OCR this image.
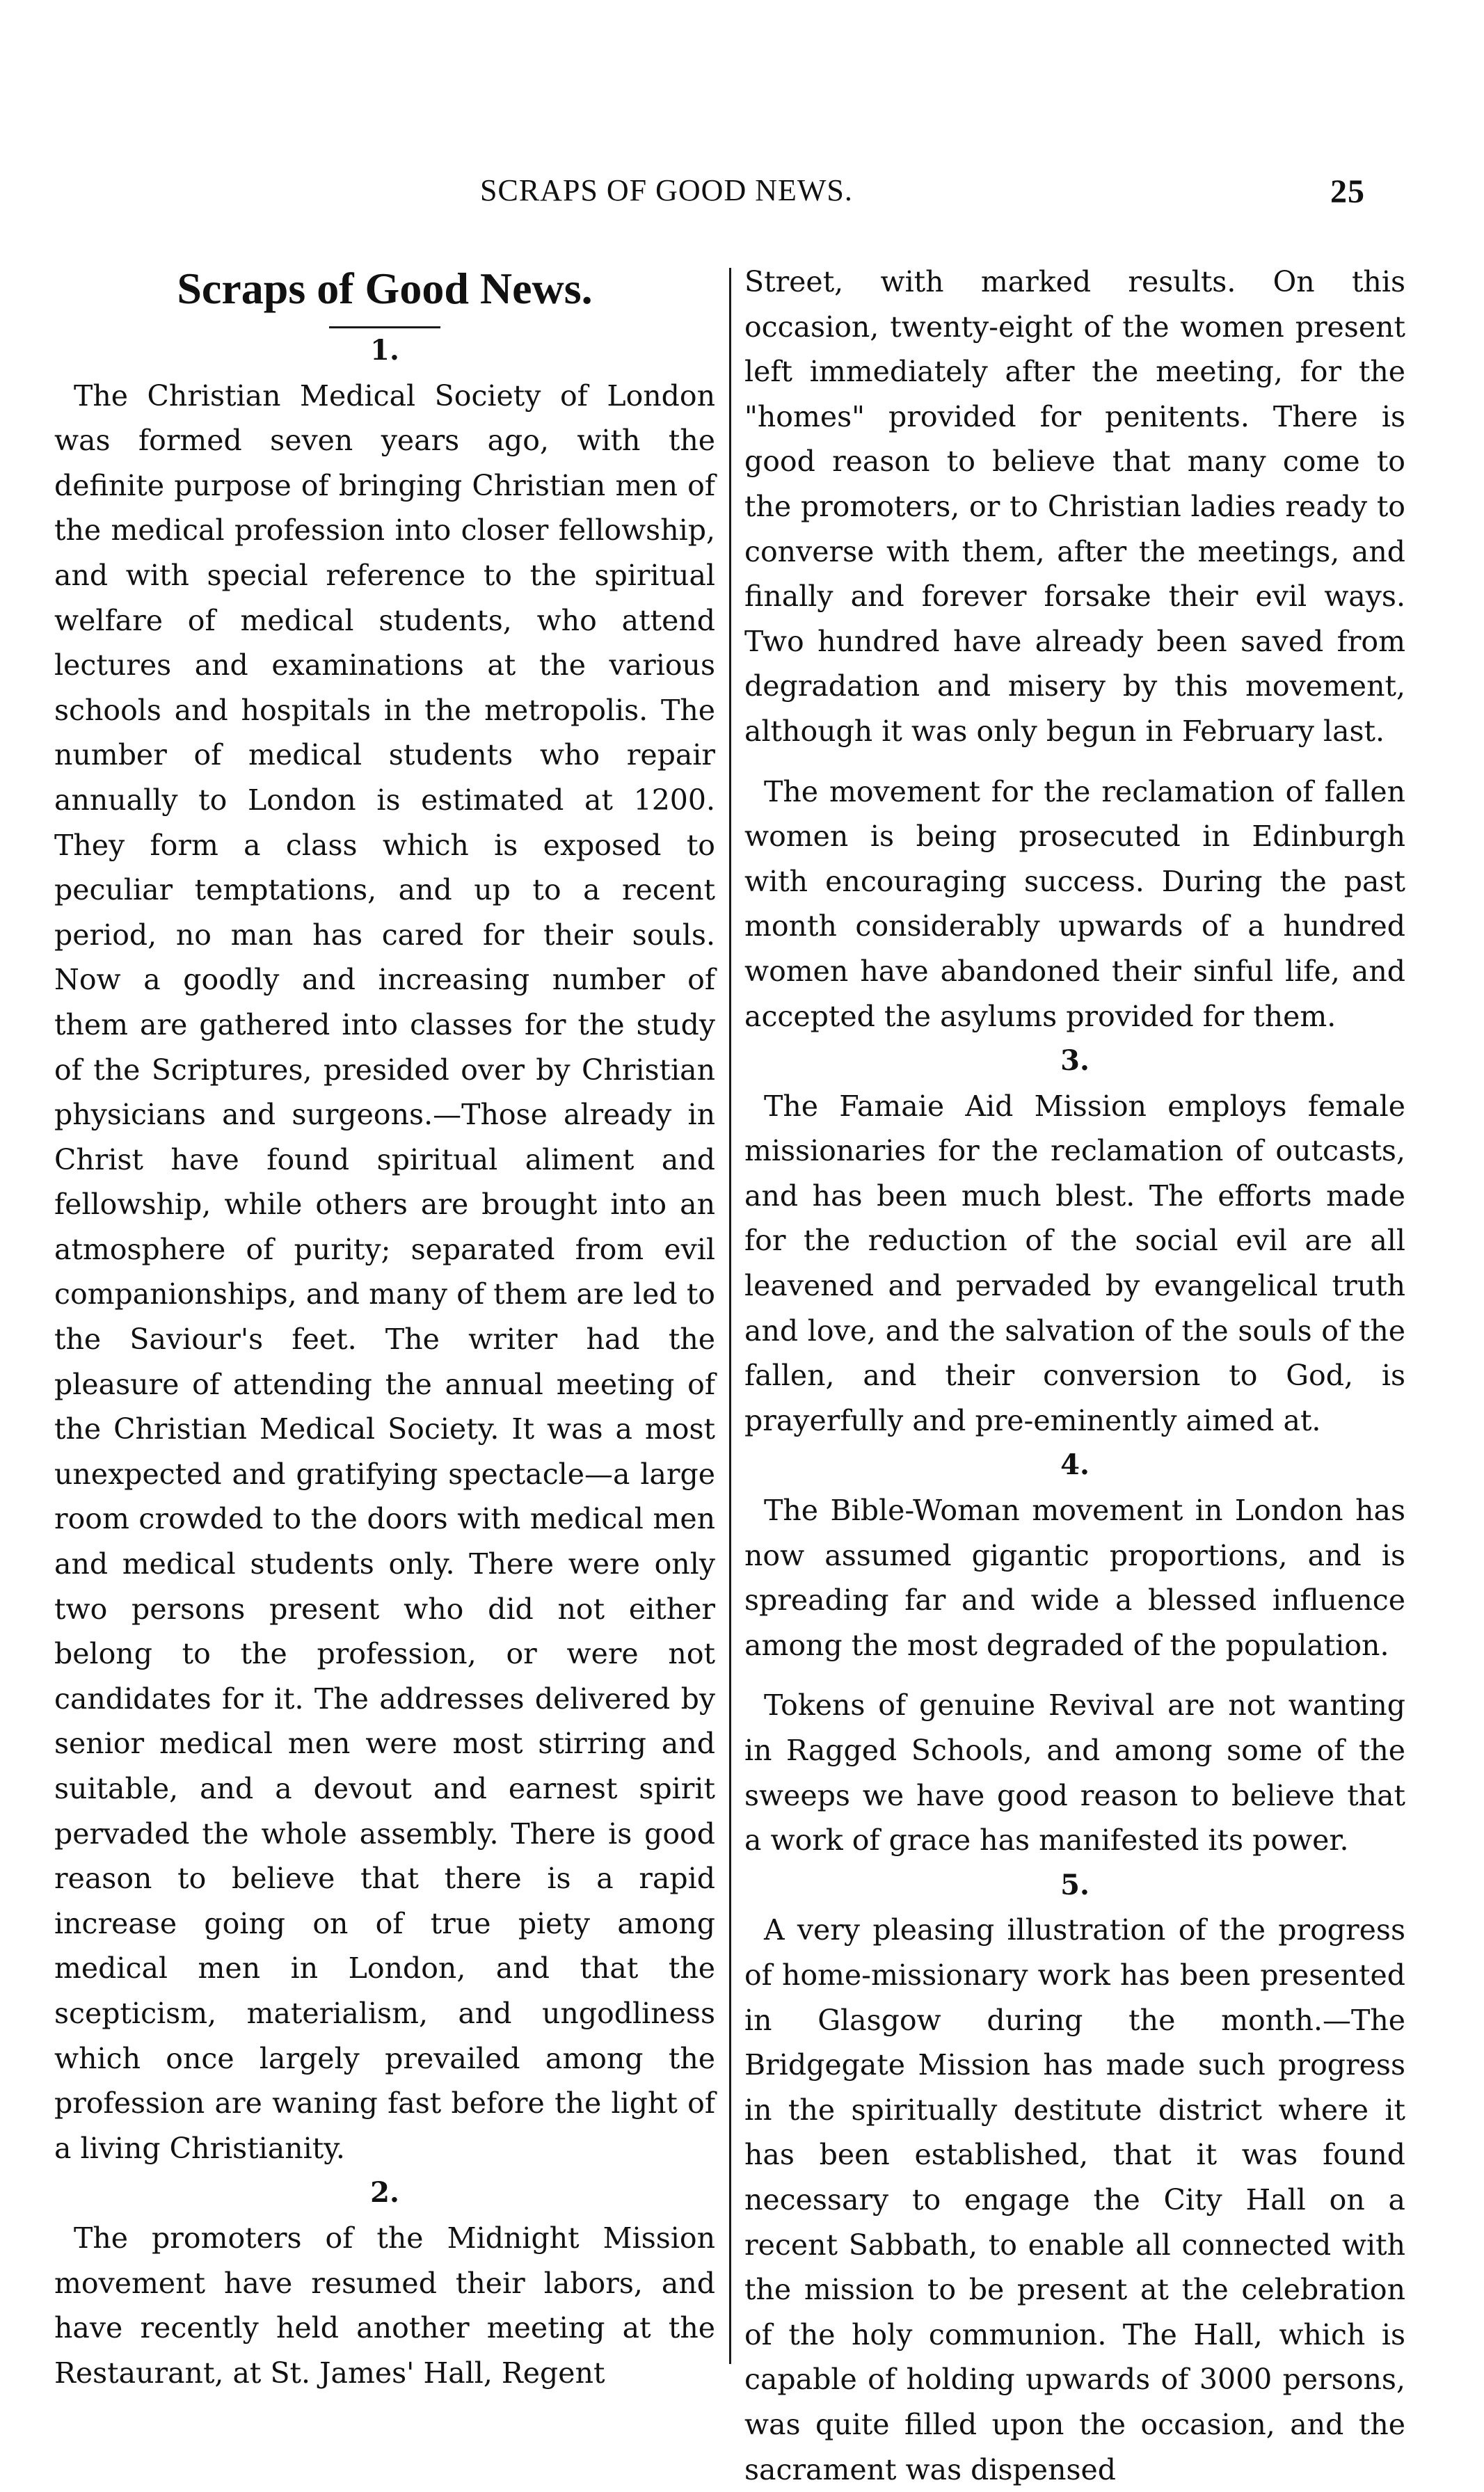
SCRAPS OF GOOD NEWS.	25
Scraps of Good News.
1.

The Christian Medical Society of London was formed seven years ago, with the definite purpose of bringing Christian men of the medical profession into closer fellowship, and with special reference to the spiritual welfare of medical students, who attend lectures and examinations at the various schools and hospitals in the metropolis. The number of medical students who repair annually to London is estimated at 1200. They form a class which is exposed to peculiar temptations, and up to a recent period, no man has cared for their souls. Now a goodly and increasing number of them are gathered into classes for the study of the Scriptures, presided over by Christian physicians and surgeons.—Those already in Christ have found spiritual aliment and fellowship, while others are brought into an atmosphere of purity; separated from evil companionships, and many of them are led to the Saviour's feet. The writer had the pleasure of attending the annual meeting of the Christian Medical Society. It was a most unexpected and gratifying spectacle—a large room crowded to the doors with medical men and medical students only. There were only two persons present who did not either belong to the profession, or were not candidates for it. The addresses delivered by senior medical men were most stirring and suitable, and a devout and earnest spirit pervaded the whole assembly. There is good reason to believe that there is a rapid increase going on of true piety among medical men in London, and that the scepticism, materialism, and ungodliness which once largely prevailed among the profession are waning fast before the light of a living Christianity.

2.

The promoters of the Midnight Mission movement have resumed their labors, and have recently held another meeting at the Restaurant, at St. James' Hall, Regent

Street, with marked results. On this occasion, twenty-eight of the women present left immediately after the meeting, for the "homes" provided for penitents. There is good reason to believe that many come to the promoters, or to Christian ladies ready to converse with them, after the meetings, and finally and forever forsake their evil ways. Two hundred have already been saved from degradation and misery by this movement, although it was only begun in February last.

The movement for the reclamation of fallen women is being prosecuted in Edinburgh with encouraging success. During the past month considerably upwards of a hundred women have abandoned their sinful life, and accepted the asylums provided for them.

3.

The Famaie Aid Mission employs female missionaries for the reclamation of outcasts, and has been much blest. The efforts made for the reduction of the social evil are all leavened and pervaded by evangelical truth and love, and the salvation of the souls of the fallen, and their conversion to God, is prayerfully and pre-eminently aimed at.

4.

The Bible-Woman movement in London has now assumed gigantic proportions, and is spreading far and wide a blessed influence among the most degraded of the population.

Tokens of genuine Revival are not wanting in Ragged Schools, and among some of the sweeps we have good reason to believe that a work of grace has manifested its power.

5.

A very pleasing illustration of the progress of home-missionary work has been presented in Glasgow during the month.—The Bridgegate Mission has made such progress in the spiritually destitute district where it has been established, that it was found necessary to engage the City Hall on a recent Sabbath, to enable all connected with the mission to be present at the celebration of the holy communion. The Hall, which is capable of holding upwards of 3000 persons, was quite filled upon the occasion, and the sacrament was dispensed
